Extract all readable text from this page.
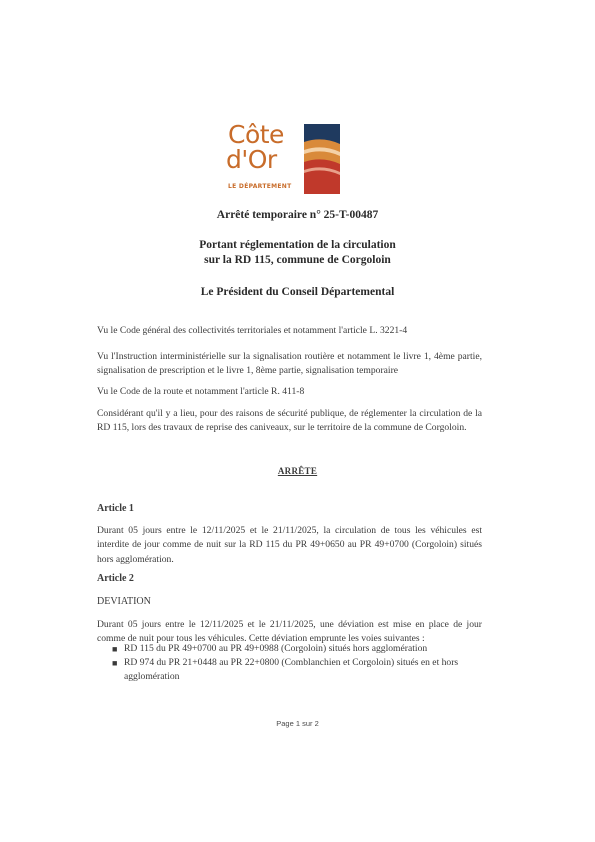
Côte
d'Or
LE DÉPARTEMENT
Arrêté temporaire n° 25-T-00487
Portant réglementation de la circulation
sur la RD 115, commune de Corgoloin
Le Président du Conseil Départemental
Vu le Code général des collectivités territoriales et notamment l'article L. 3221-4
Vu l'Instruction interministérielle sur la signalisation routière et notamment le livre 1, 4ème partie, signalisation de prescription et le livre 1, 8ème partie, signalisation temporaire
Vu le Code de la route et notamment l'article R. 411-8
Considérant qu'il y a lieu, pour des raisons de sécurité publique, de réglementer la circulation de la RD 115, lors des travaux de reprise des caniveaux, sur le territoire de la commune de Corgoloin.
ARRÊTE
Article 1
Durant 05 jours entre le 12/11/2025 et le 21/11/2025, la circulation de tous les véhicules est interdite de jour comme de nuit sur la RD 115 du PR 49+0650 au PR 49+0700 (Corgoloin) situés hors agglomération.
Article 2
DEVIATION
Durant 05 jours entre le 12/11/2025 et le 21/11/2025, une déviation est mise en place de jour comme de nuit pour tous les véhicules. Cette déviation emprunte les voies suivantes :
■ RD 115 du PR 49+0700 au PR 49+0988 (Corgoloin) situés hors agglomération
■ RD 974 du PR 21+0448 au PR 22+0800 (Comblanchien et Corgoloin) situés en et hors agglomération
Page 1 sur 2
